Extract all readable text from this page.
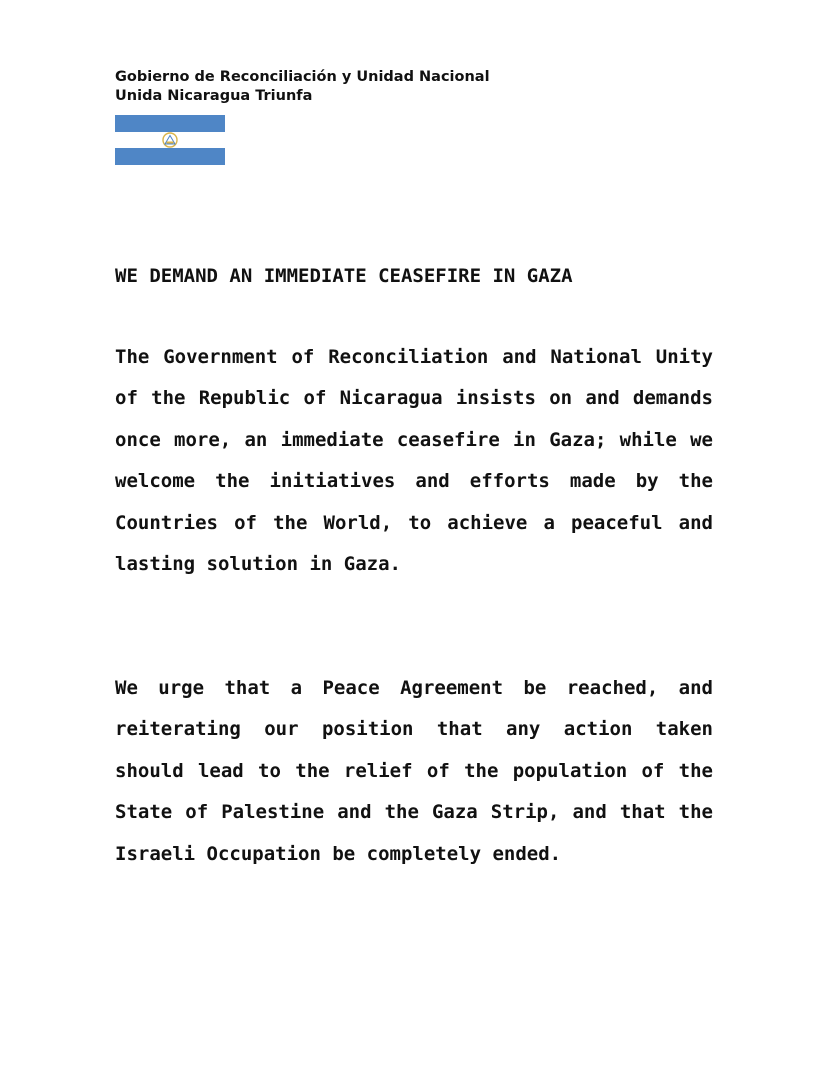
Gobierno de Reconciliación y Unidad Nacional
Unida Nicaragua Triunfa
WE DEMAND AN IMMEDIATE CEASEFIRE IN GAZA
The Government of Reconciliation and National Unity of the Republic of Nicaragua insists on and demands once more, an immediate ceasefire in Gaza; while we welcome the initiatives and efforts made by the Countries of the World, to achieve a peaceful and lasting solution in Gaza.
We urge that a Peace Agreement be reached, and reiterating our position that any action taken should lead to the relief of the population of the State of Palestine and the Gaza Strip, and that the Israeli Occupation be completely ended.
